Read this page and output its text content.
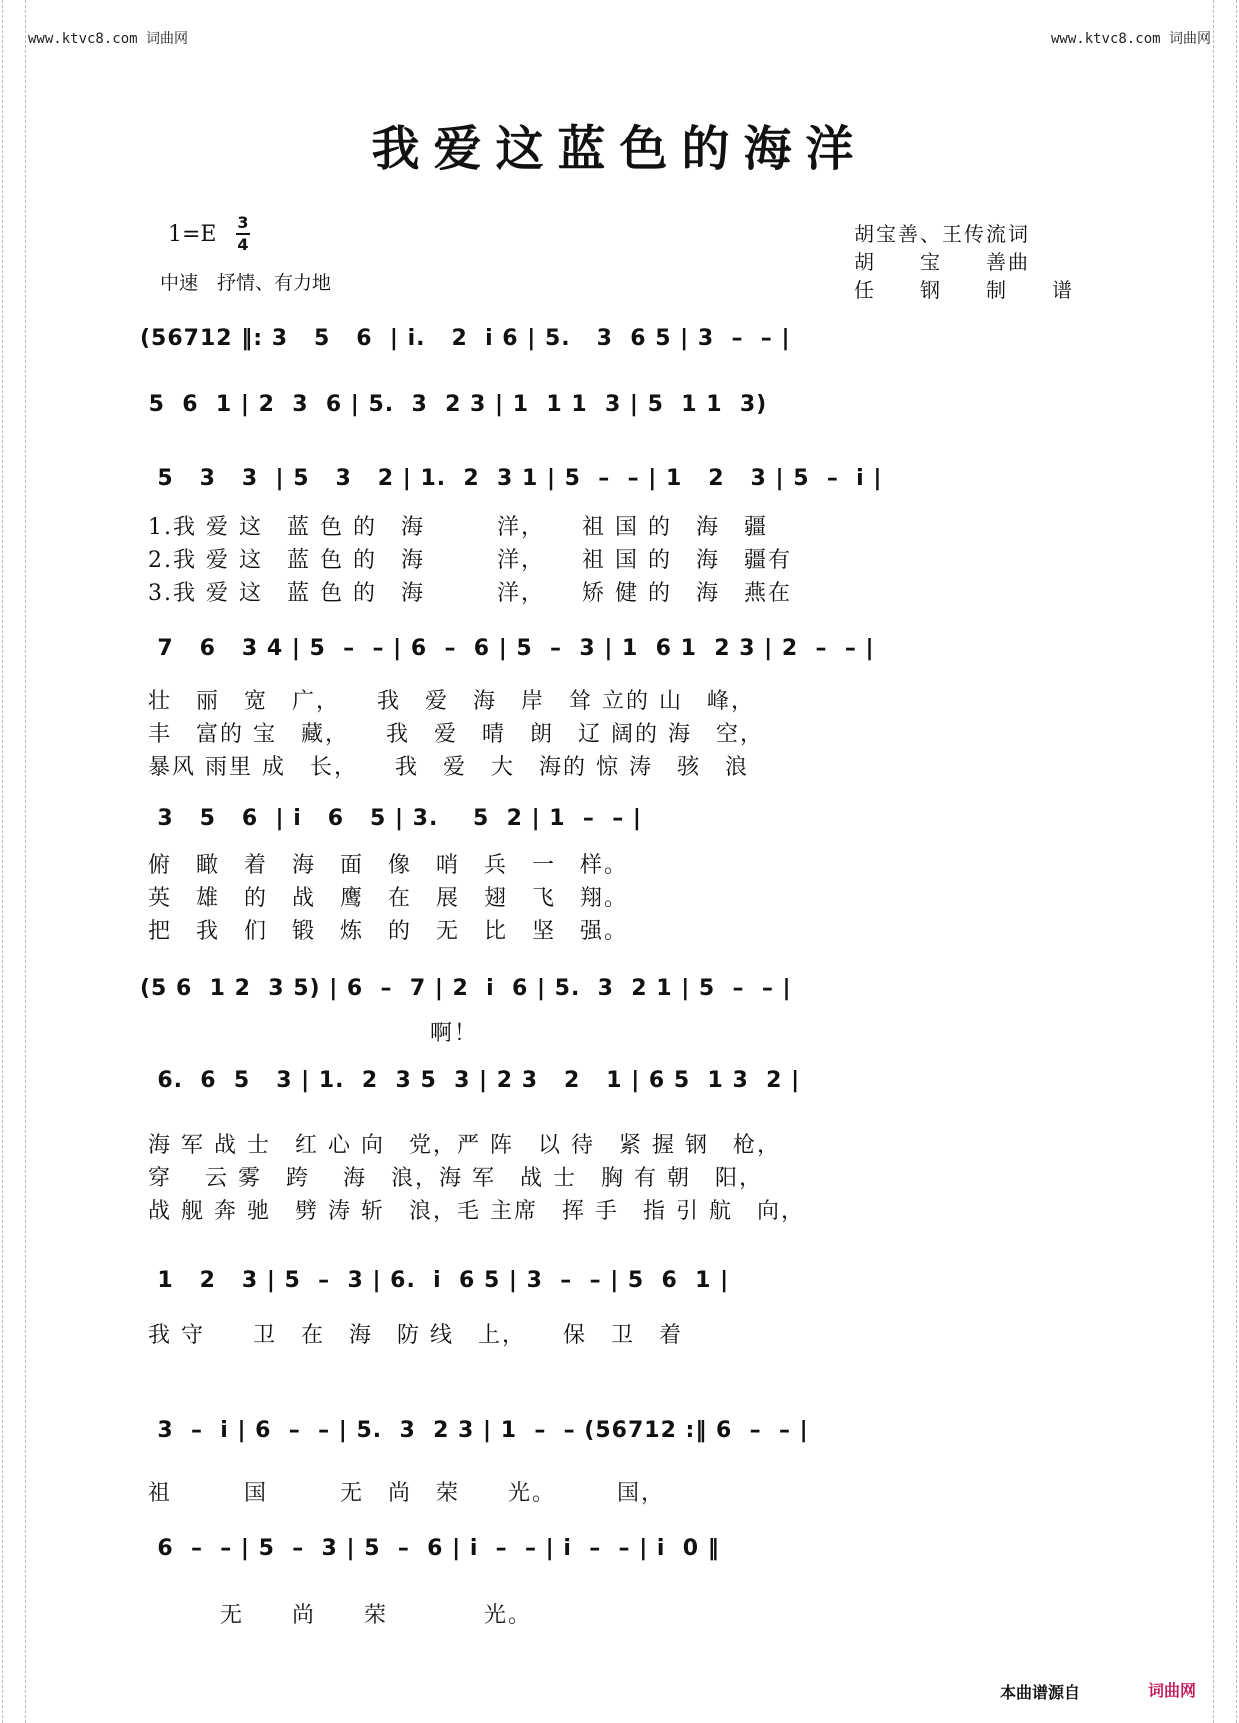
www.ktvc8.com 词曲网	www.ktvc8.com 词曲网
我爱这蓝色的海洋
1=E 3
4
中速　抒情、有力地
胡宝善、王传流词
胡　　宝　　善曲
任　　钢　　制　　谱
(56712 ‖: 3   5   6  | i.   2  i 6 | 5.   3  6 5 | 3  –  – |
5  6  1 | 2  3  6 | 5.  3  2 3 | 1  1 1  3 | 5  1 1  3)
5   3   3  | 5   3   2 | 1.  2  3 1 | 5  –  – | 1   2   3 | 5  –  i |
1.我 爱 这　蓝 色 的　海　　　洋，　　祖 国 的　海　疆
2.我 爱 这　蓝 色 的　海　　　洋，　　祖 国 的　海　疆有
3.我 爱 这　蓝 色 的　海　　　洋，　　矫 健 的　海　燕在
7   6   3 4 | 5  –  – | 6  –  6 | 5  –  3 | 1  6 1  2 3 | 2  –  – |
壮　丽　宽　广，　　我　爱　海　岸　耸 立的 山　峰，
丰　富的 宝　藏，　　我　爱　晴　朗　辽 阔的 海　空，
暴风 雨里 成　长，　　我　爱　大　海的 惊 涛　骇　浪
3   5   6  | i   6   5 | 3.    5  2 | 1  –  – |
俯　瞰　着　海　面　像　哨　兵　一　样。
英　雄　的　战　鹰　在　展　翅　飞　翔。
把　我　们　锻　炼　的　无　比　坚　强。
(5 6  1 2  3 5) | 6  –  7 | 2  i  6 | 5.  3  2 1 | 5  –  – |
啊！
6.  6  5   3 | 1.  2  3 5  3 | 2 3   2   1 | 6 5  1 3  2 |
海 军 战 士　红 心 向　党，严 阵　以 待　紧 握 钢　枪，
穿　 云 雾　跨　 海　浪，海 军　战 士　胸 有 朝　阳，
战 舰 奔 驰　劈 涛 斩　浪，毛 主席　挥 手　指 引 航　向，
1   2   3 | 5  –  3 | 6.  i  6 5 | 3  –  – | 5  6  1 |
我 守　　卫　在　海　防 线　上，　　保　卫　着
3  –  i | 6  –  – | 5.  3  2 3 | 1  –  – (56712 :‖ 6  –  – |
祖　　　国　　　无　尚　荣　　光。　　　国，
6  –  – | 5  –  3 | 5  –  6 | i  –  – | i  –  – | i  0 ‖
　　　无　　尚　　荣　　　　光。
本曲谱源自	词曲网
